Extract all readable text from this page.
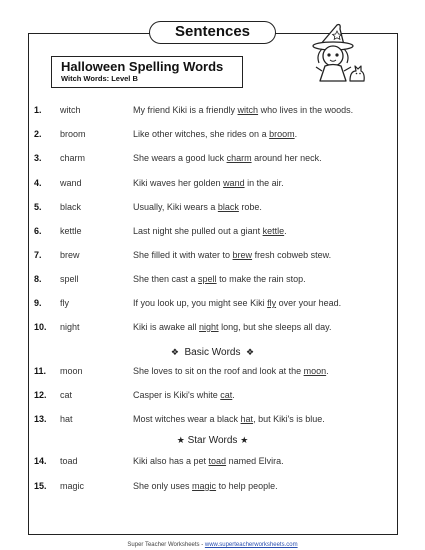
Sentences
Halloween Spelling Words
Witch Words: Level B
1. witch	My friend Kiki is a friendly witch who lives in the woods.
2. broom	Like other witches, she rides on a broom.
3. charm	She wears a good luck charm around her neck.
4. wand	Kiki waves her golden wand in the air.
5. black	Usually, Kiki wears a black robe.
6. kettle	Last night she pulled out a giant kettle.
7. brew	She filled it with water to brew fresh cobweb stew.
8. spell	She then cast a spell to make the rain stop.
9. fly	If you look up, you might see Kiki fly over your head.
10. night	Kiki is awake all night long, but she sleeps all day.
❖ Basic Words ❖
11. moon	She loves to sit on the roof and look at the moon.
12. cat	Casper is Kiki's white cat.
13. hat	Most witches wear a black hat, but Kiki's is blue.
★ Star Words ★
14. toad	Kiki also has a pet toad named Elvira.
15. magic	She only uses magic to help people.
Super Teacher Worksheets - www.superteacherworksheets.com
